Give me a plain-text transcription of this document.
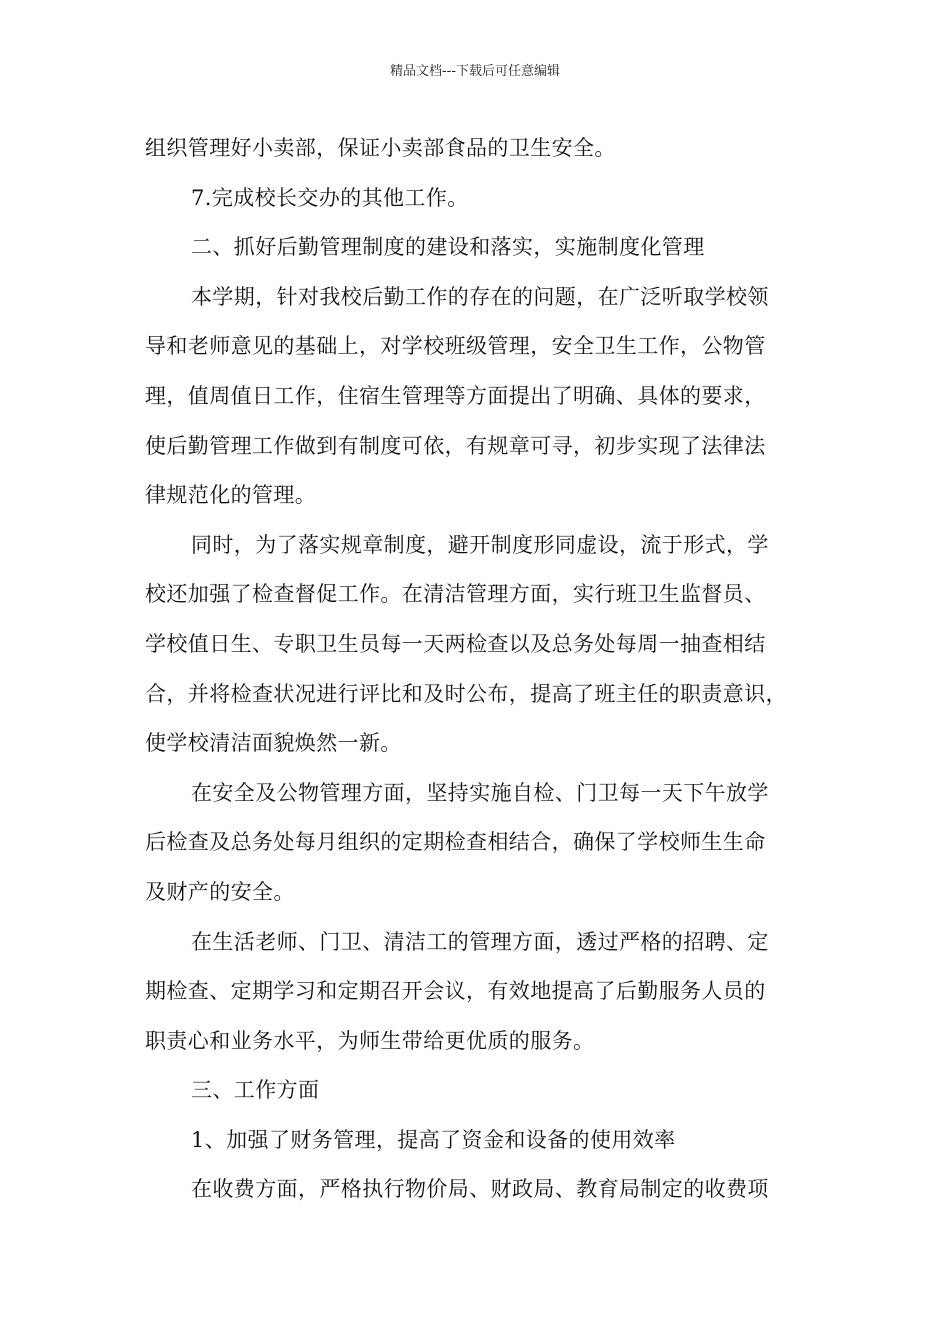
精品文档---下载后可任意编辑
组织管理好小卖部，保证小卖部食品的卫生安全。
7.完成校长交办的其他工作。
二、抓好后勤管理制度的建设和落实，实施制度化管理
本学期，针对我校后勤工作的存在的问题，在广泛听取学校领
导和老师意见的基础上，对学校班级管理，安全卫生工作，公物管
理，值周值日工作，住宿生管理等方面提出了明确、具体的要求，
使后勤管理工作做到有制度可依，有规章可寻，初步实现了法律法
律规范化的管理。
同时，为了落实规章制度，避开制度形同虚设，流于形式，学
校还加强了检查督促工作。在清洁管理方面，实行班卫生监督员、
学校值日生、专职卫生员每一天两检查以及总务处每周一抽查相结
合，并将检查状况进行评比和及时公布，提高了班主任的职责意识，
使学校清洁面貌焕然一新。
在安全及公物管理方面，坚持实施自检、门卫每一天下午放学
后检查及总务处每月组织的定期检查相结合，确保了学校师生生命
及财产的安全。
在生活老师、门卫、清洁工的管理方面，透过严格的招聘、定
期检查、定期学习和定期召开会议，有效地提高了后勤服务人员的
职责心和业务水平，为师生带给更优质的服务。
三、工作方面
1、加强了财务管理，提高了资金和设备的使用效率
在收费方面，严格执行物价局、财政局、教育局制定的收费项
